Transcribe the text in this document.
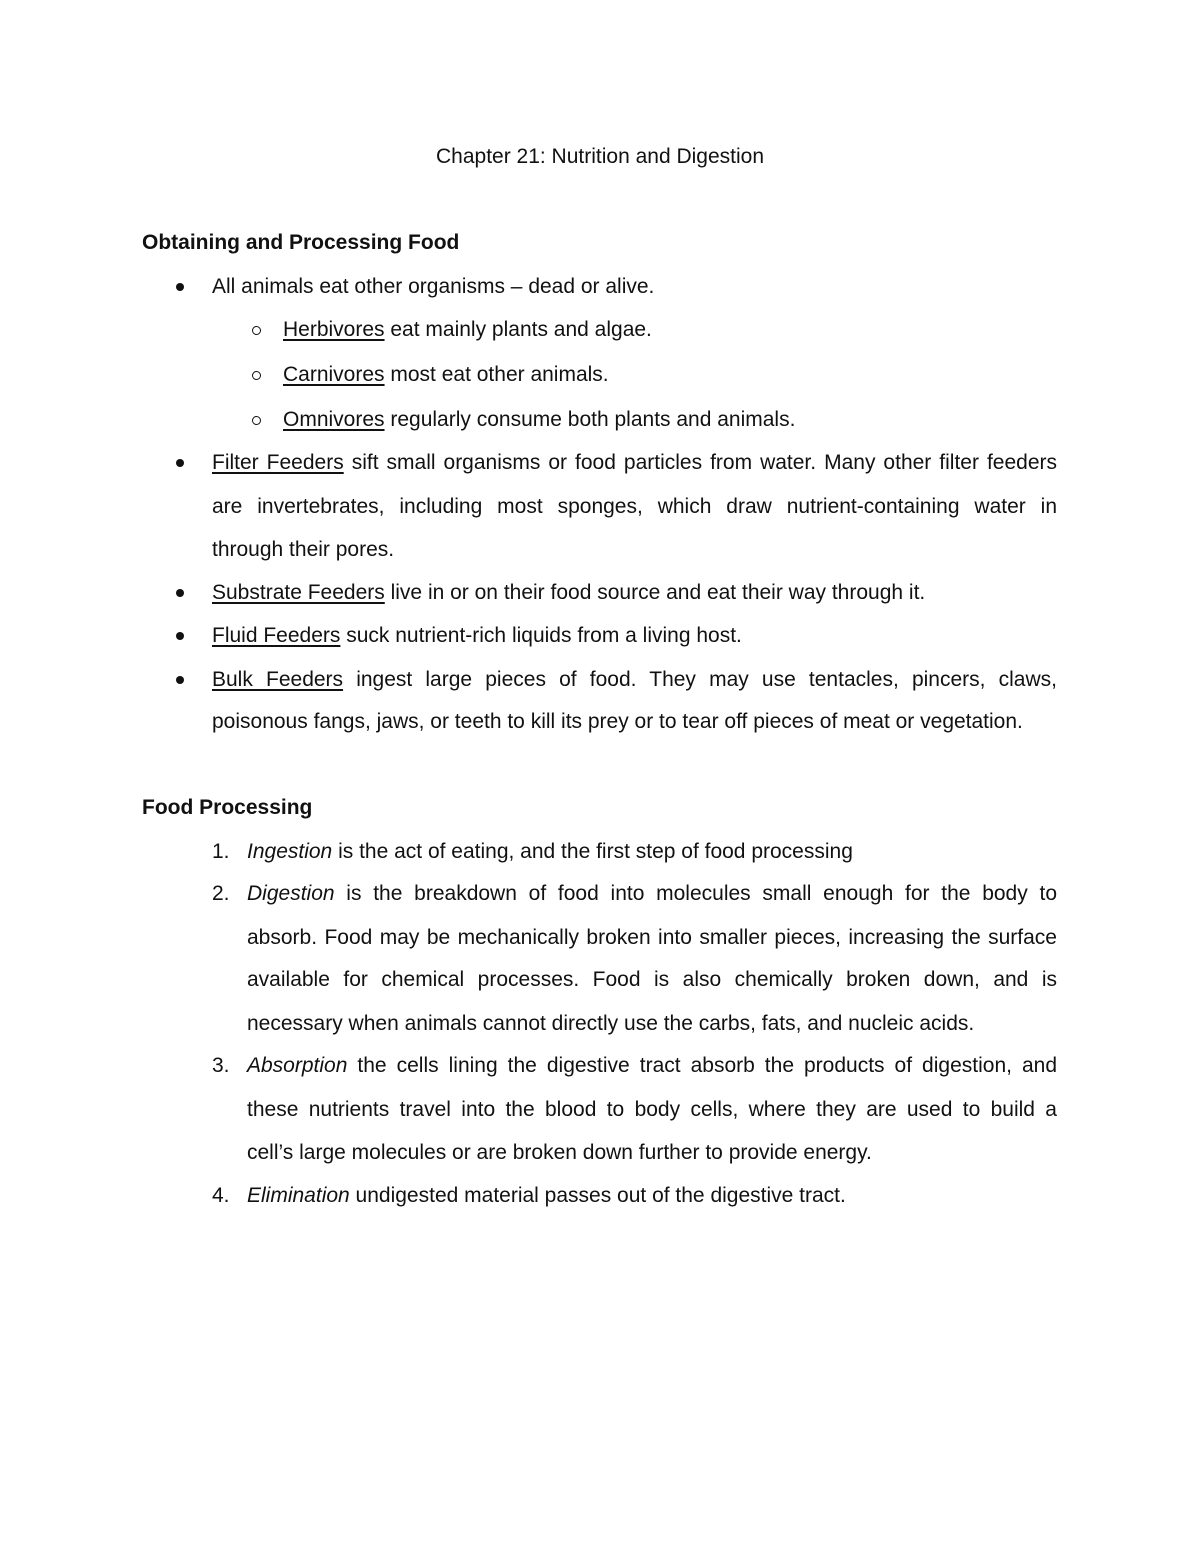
Chapter 21: Nutrition and Digestion
Obtaining and Processing Food
All animals eat other organisms – dead or alive.
Herbivores eat mainly plants and algae.
Carnivores most eat other animals.
Omnivores regularly consume both plants and animals.
Filter Feeders sift small organisms or food particles from water. Many other filter feeders
are invertebrates, including most sponges, which draw nutrient-containing water in
through their pores.
Substrate Feeders live in or on their food source and eat their way through it.
Fluid Feeders suck nutrient-rich liquids from a living host.
Bulk Feeders ingest large pieces of food. They may use tentacles, pincers, claws,
poisonous fangs, jaws, or teeth to kill its prey or to tear off pieces of meat or vegetation.
Food Processing
1. Ingestion is the act of eating, and the first step of food processing
2. Digestion is the breakdown of food into molecules small enough for the body to
absorb. Food may be mechanically broken into smaller pieces, increasing the surface
available for chemical processes. Food is also chemically broken down, and is
necessary when animals cannot directly use the carbs, fats, and nucleic acids.
3. Absorption the cells lining the digestive tract absorb the products of digestion, and
these nutrients travel into the blood to body cells, where they are used to build a
cell’s large molecules or are broken down further to provide energy.
4. Elimination undigested material passes out of the digestive tract.
